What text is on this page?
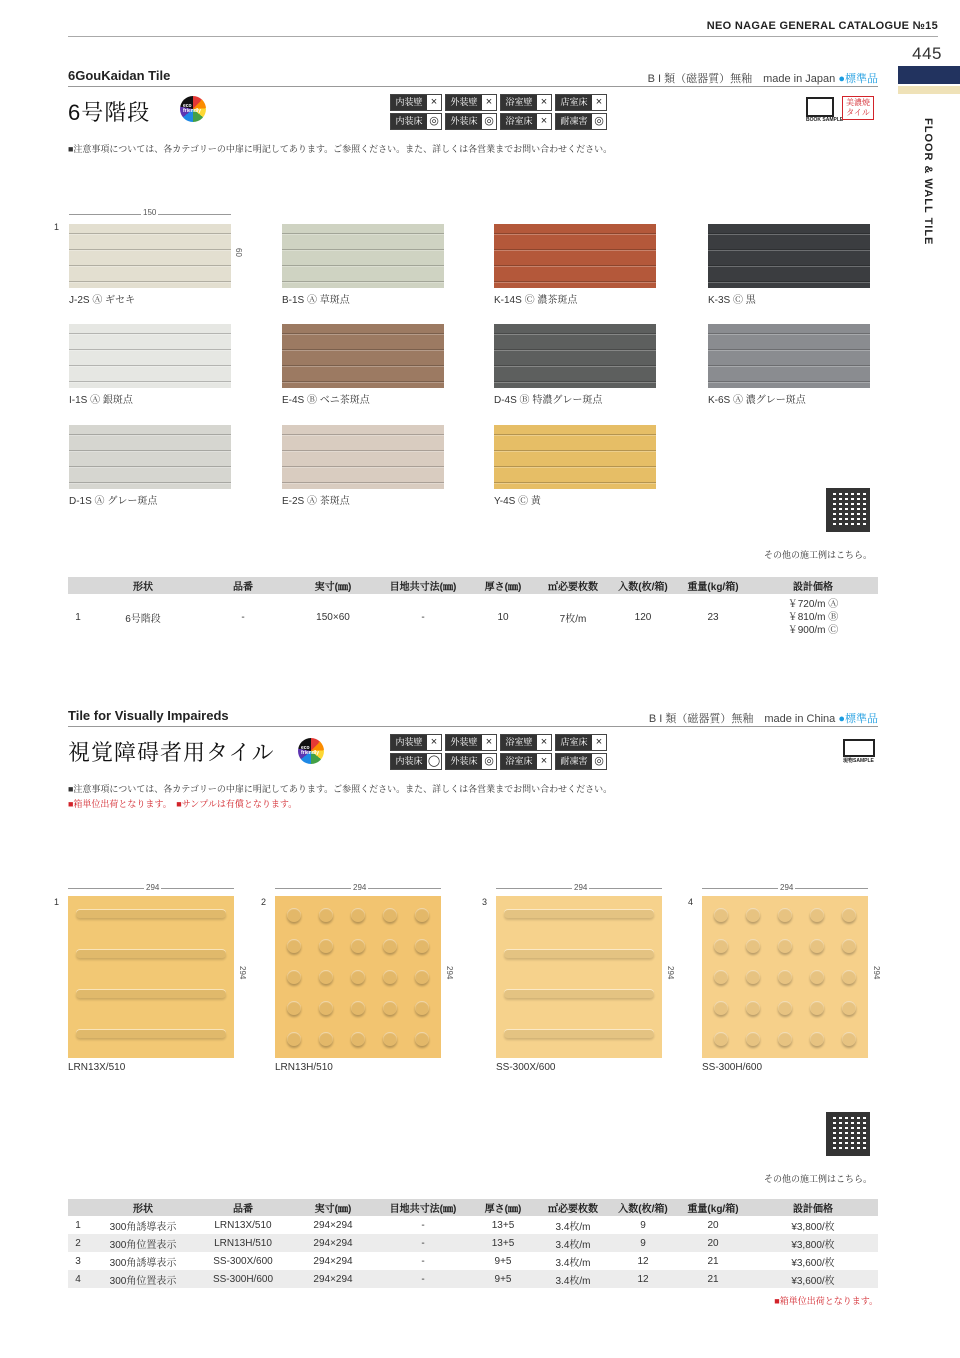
NEO NAGAE GENERAL CATALOGUE №15
445
FLOOR & WALL TILE
6GouKaidan Tile	B I 類（磁器質）無釉　made in Japan ●標準品
6号階段	eco friendly
内装壁 ×	外装壁 ×	浴室壁 ×	店室床 ×
内装床 ◎	外装床 ◎	浴室床 ×	耐凍害 ◎	BOOK SAMPLE
美濃焼
タイル
■注意事項については、各カテゴリーの中扉に明記してあります。ご参照ください。また、詳しくは各営業までお問い合わせください。
1
150
60
J-2S Ⓐ ギセキ	B-1S Ⓐ 草斑点	K-14S Ⓒ 濃茶斑点	K-3S Ⓒ 黒
I-1S Ⓐ 銀斑点	E-4S Ⓑ ベニ茶斑点	D-4S Ⓑ 特濃グレー斑点	K-6S Ⓐ 濃グレー斑点
D-1S Ⓐ グレー斑点	E-2S Ⓐ 茶斑点	Y-4S Ⓒ 黄
その他の施工例はこちら。
	形状	品番	実寸(㎜)	目地共寸法(㎜)	厚さ(㎜)	㎡必要枚数	入数(枚/箱)	重量(kg/箱)	設計価格
1	6号階段	-	150×60	-	10	7枚/m	120	23	￥720/m Ⓐ
￥810/m Ⓑ
￥900/m Ⓒ
Tile for Visually Impaireds	B I 類（磁器質）無釉　made in China ●標準品
視覚障碍者用タイル	eco friendly
内装壁 ×	外装壁 ×	浴室壁 ×	店室床 ×
内装床 ◯	外装床 ◎	浴室床 ×	耐凍害 ◎	現物SAMPLE
■注意事項については、各カテゴリーの中扉に明記してあります。ご参照ください。また、詳しくは各営業までお問い合わせください。
■箱単位出荷となります。　■サンプルは有償となります。
1
294
294
LRN13X/510
2
294
294
LRN13H/510
3
294
294
SS-300X/600
4
294
294
SS-300H/600
その他の施工例はこちら。
	形状	品番	実寸(㎜)	目地共寸法(㎜)	厚さ(㎜)	㎡必要枚数	入数(枚/箱)	重量(kg/箱)	設計価格
1	300角誘導表示	LRN13X/510	294×294	-	13+5	3.4枚/m	9	20	¥3,800/枚
2	300角位置表示	LRN13H/510	294×294	-	13+5	3.4枚/m	9	20	¥3,800/枚
3	300角誘導表示	SS-300X/600	294×294	-	9+5	3.4枚/m	12	21	¥3,600/枚
4	300角位置表示	SS-300H/600	294×294	-	9+5	3.4枚/m	12	21	¥3,600/枚
■箱単位出荷となります。
